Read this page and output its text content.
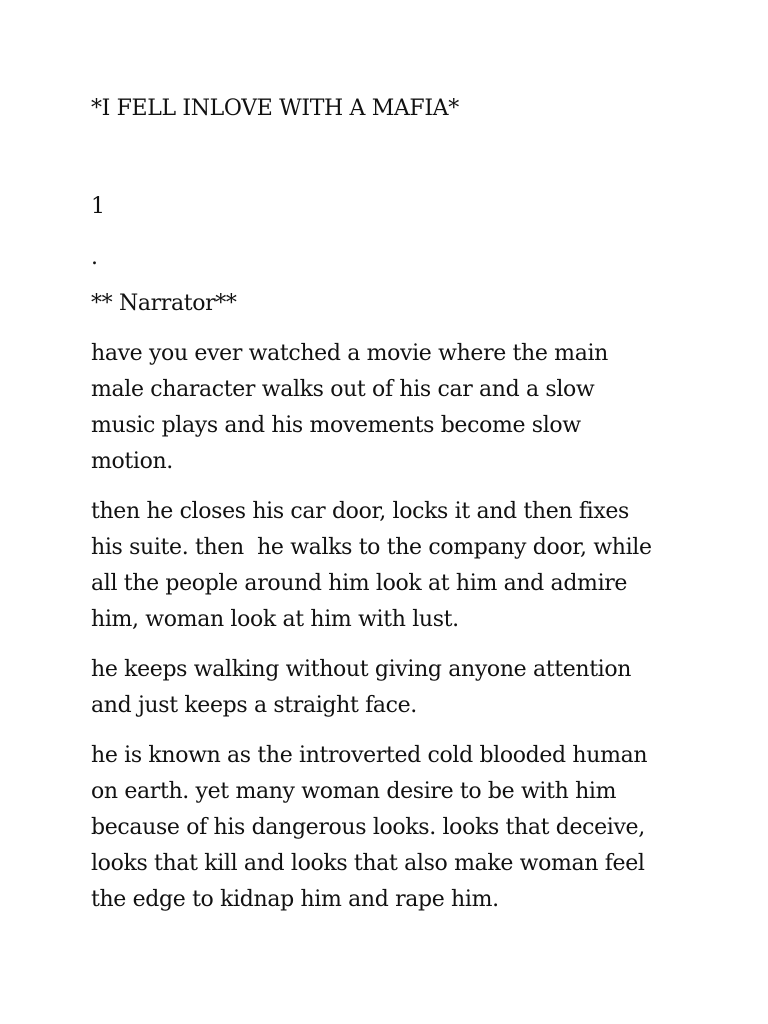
*I FELL INLOVE WITH A MAFIA*

1

.

** Narrator**

have you ever watched a movie where the main

male character walks out of his car and a slow

music plays and his movements become slow

motion.

then he closes his car door, locks it and then fixes

his suite. then  he walks to the company door, while

all the people around him look at him and admire

him, woman look at him with lust.

he keeps walking without giving anyone attention

and just keeps a straight face.

he is known as the introverted cold blooded human

on earth. yet many woman desire to be with him

because of his dangerous looks. looks that deceive,

looks that kill and looks that also make woman feel

the edge to kidnap him and rape him.
